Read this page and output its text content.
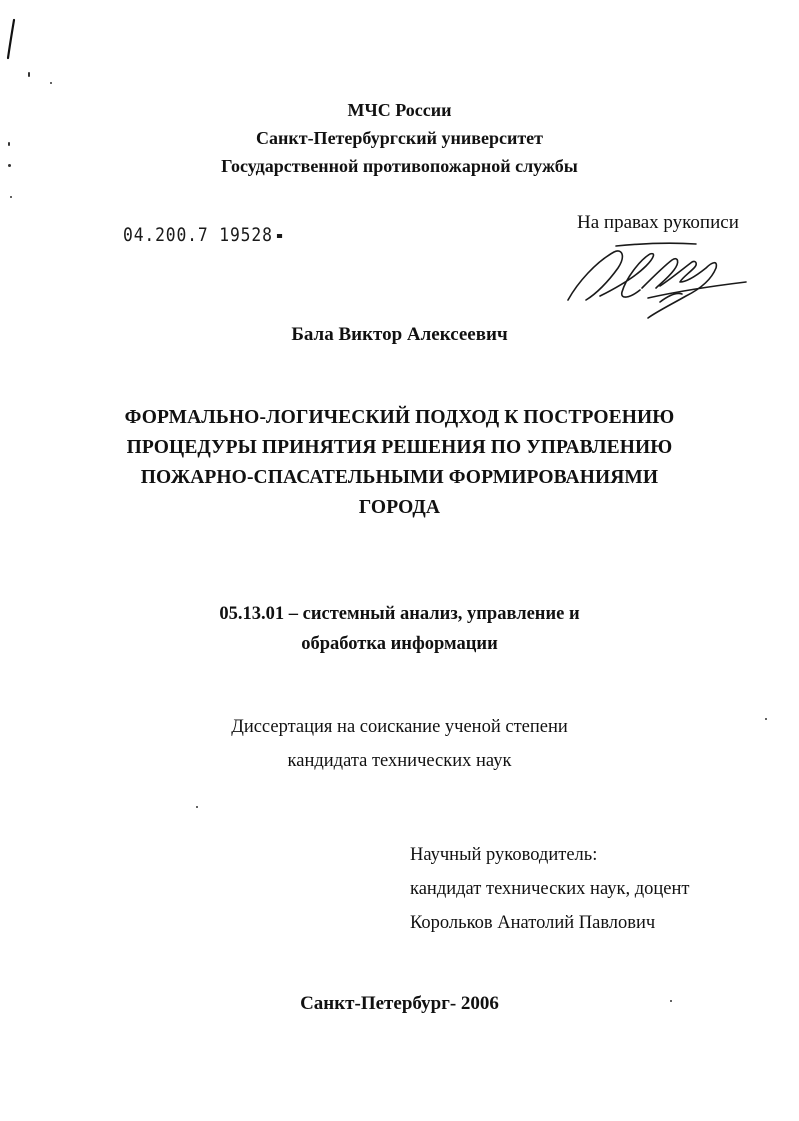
МЧС России
Санкт-Петербургский университет
Государственной противопожарной службы
04.200.7 19528
На правах рукописи
Бала Виктор Алексеевич
ФОРМАЛЬНО-ЛОГИЧЕСКИЙ ПОДХОД К ПОСТРОЕНИЮ
ПРОЦЕДУРЫ ПРИНЯТИЯ РЕШЕНИЯ ПО УПРАВЛЕНИЮ
ПОЖАРНО-СПАСАТЕЛЬНЫМИ ФОРМИРОВАНИЯМИ
ГОРОДА
05.13.01 – системный анализ, управление и
обработка информации
Диссертация на соискание ученой степени
кандидата технических наук
Научный руководитель:
кандидат технических наук, доцент
Корольков Анатолий Павлович
Санкт-Петербург- 2006
